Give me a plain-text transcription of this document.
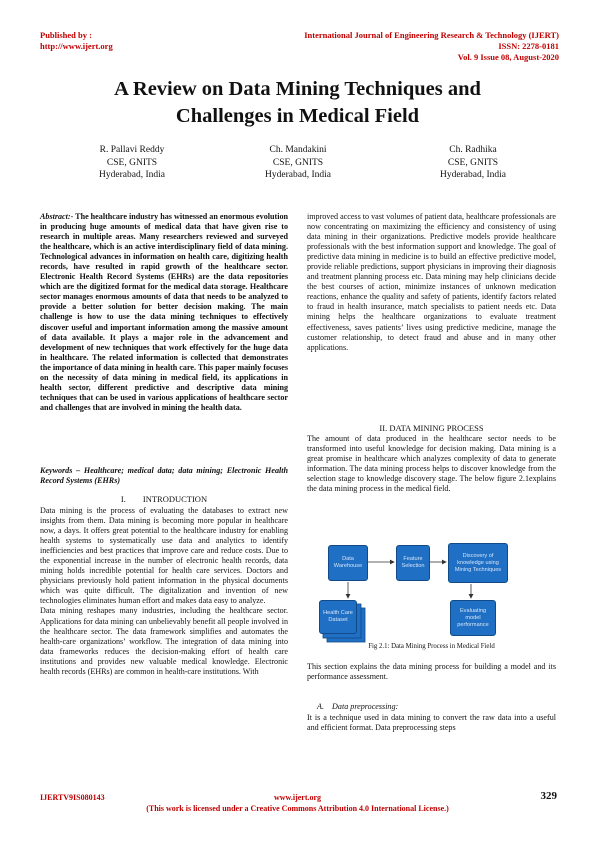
Published by :
http://www.ijert.org
International Journal of Engineering Research & Technology (IJERT)
ISSN: 2278-0181
Vol. 9 Issue 08, August-2020
A Review on Data Mining Techniques and
Challenges in Medical Field
R. Pallavi Reddy
CSE, GNITS
Hyderabad, India
Ch. Mandakini
CSE, GNITS
Hyderabad, India
Ch. Radhika
CSE, GNITS
Hyderabad, India

Abstract:- The healthcare industry has witnessed an enormous evolution in producing huge amounts of medical data that have given rise to research in multiple areas. Many researchers reviewed and surveyed the healthcare, which is an active interdisciplinary field of data mining. Technological advances in information on health care, digitizing health records, have resulted in rapid growth of the healthcare sector. Electronic Health Record Systems (EHRs) are the data repositories which are the digitized format for the medical data storage. Healthcare sector manages enormous amounts of data that needs to be analyzed to provide a better solution for better decision making. The main challenge is how to use the data mining techniques to effectively discover useful and important information among the massive amount of data available. It plays a major role in the advancement and development of new techniques that work effectively for the huge data in healthcare. The related information is collected that demonstrates the importance of data mining in health care. This paper mainly focuses on the necessity of data mining in medical field, its applications in health sector, different predictive and descriptive data mining techniques that can be used in various applications of healthcare sector and challenges that are involved in mining the health data.

Keywords – Healthcare; medical data; data mining; Electronic Health Record Systems (EHRs)
I.        INTRODUCTION

Data mining is the process of evaluating the databases to extract new insights from them. Data mining is becoming more popular in healthcare now, a days. It offers great potential to the healthcare industry for enabling health systems to systematically use data and analytics to identify inefficiencies and best practices that improve care and reduce costs. Due to the exponential increase in the number of electronic health records, data mining holds incredible potential for health care services. Doctors and physicians previously hold patient information in the physical documents which was quite difficult. The digitalization and invention of new technologies eliminates human effort and makes data easy to analyze.

Data mining reshapes many industries, including the healthcare sector. Applications for data mining can unbelievably benefit all people involved in the healthcare sector. The data framework simplifies and automates the health-care organizations’ workflow. The integration of data mining into data frameworks reduces the decision-making effort of health care institutions and provides new valuable medical knowledge. Electronic health records (EHRs) are common in health-care institutions. With

improved access to vast volumes of patient data, healthcare professionals are now concentrating on maximizing the efficiency and consistency of using data mining in their organizations. Predictive models provide healthcare professionals with the best information support and knowledge. The goal of predictive data mining in medicine is to build an effective predictive model, provide reliable predictions, support physicians in improving their diagnosis and treatment planning process etc. Data mining may help clinicians decide the best courses of action, minimize instances of unknown medication reactions, enhance the quality and safety of patients, identify factors related to fraud in health insurance, match specialists to patient needs etc. Data mining helps the healthcare organizations to evaluate treatment effectiveness, saves patients’ lives using predictive medicine, manage the customer relationship, to detect fraud and abuse and in many other applications.

II. DATA MINING PROCESS
The amount of data produced in the healthcare sector needs to be transformed into useful knowledge for decision making. Data mining is a great promise in healthcare which analyzes complexity of data to generate information. The data mining process helps to discover knowledge from the selection stage to knowledge discovery stage. The below figure 2.1explains the data mining process in the medical field.
Data Warehouse
Feature Selection
Discovery of knowledge using Mining Techniques
Health Care Dataset
Evaluating model performance
Fig 2.1: Data Mining Process in Medical Field
This section explains the data mining process for building a model and its performance assessment.
A.    Data preprocessing:
It is a technique used in data mining to convert the raw data into a useful and efficient format. Data preprocessing steps
IJERTV9IS080143	www.ijert.org	329
(This work is licensed under a Creative Commons Attribution 4.0 International License.)
